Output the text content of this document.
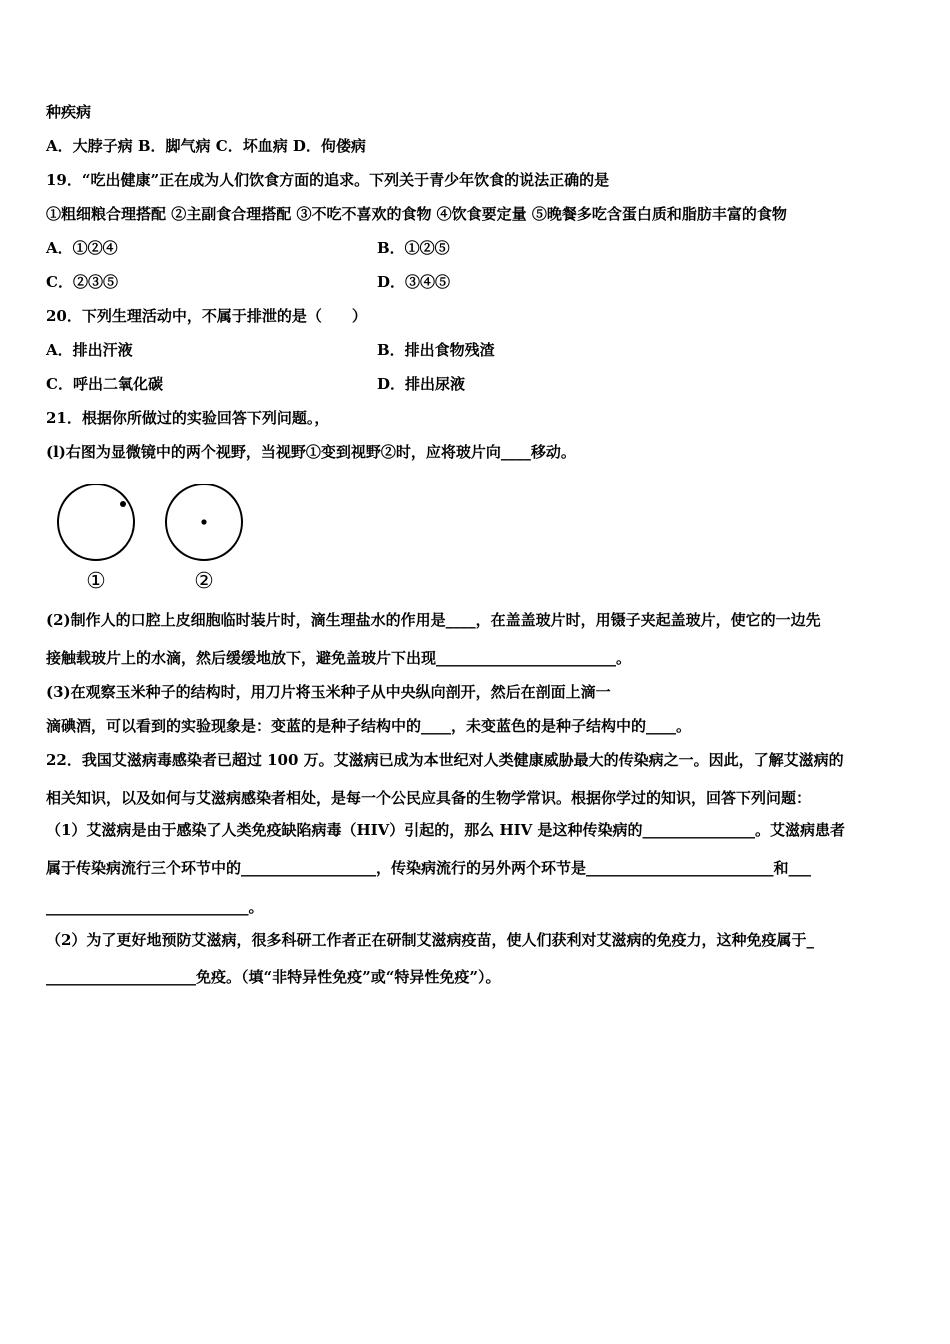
种疾病
A．大脖子病 B．脚气病 C．坏血病 D．佝偻病
19．“吃出健康”正在成为人们饮食方面的追求。下列关于青少年饮食的说法正确的是
①粗细粮合理搭配 ②主副食合理搭配 ③不吃不喜欢的食物 ④饮食要定量 ⑤晚餐多吃含蛋白质和脂肪丰富的食物
A．①②④	B．①②⑤
C．②③⑤	D．③④⑤
20．下列生理活动中，不属于排泄的是（　　）
A．排出汗液	B．排出食物残渣
C．呼出二氧化碳	D．排出尿液
21．根据你所做过的实验回答下列问题。，
(l)右图为显微镜中的两个视野，当视野①变到视野②时，应将玻片向____移动。
①	②
(2)制作人的口腔上皮细胞临时装片时，滴生理盐水的作用是____，在盖盖玻片时，用镊子夹起盖玻片，使它的一边先
接触载玻片上的水滴，然后缓缓地放下，避免盖玻片下出现________________________。
(3)在观察玉米种子的结构时，用刀片将玉米种子从中央纵向剖开，然后在剖面上滴一
滴碘酒，可以看到的实验现象是：变蓝的是种子结构中的____，未变蓝色的是种子结构中的____。
22．我国艾滋病毒感染者已超过 100 万。艾滋病已成为本世纪对人类健康威胁最大的传染病之一。因此，了解艾滋病的
相关知识，以及如何与艾滋病感染者相处，是每一个公民应具备的生物学常识。根据你学过的知识，回答下列问题：
（1）艾滋病是由于感染了人类免疫缺陷病毒（HIV）引起的，那么 HIV 是这种传染病的_______________。艾滋病患者
属于传染病流行三个环节中的__________________，传染病流行的另外两个环节是_________________________和___
___________________________。
（2）为了更好地预防艾滋病，很多科研工作者正在研制艾滋病疫苗，使人们获利对艾滋病的免疫力，这种免疫属于_
____________________免疫。（填“非特异性免疫”或“特异性免疫”）。
